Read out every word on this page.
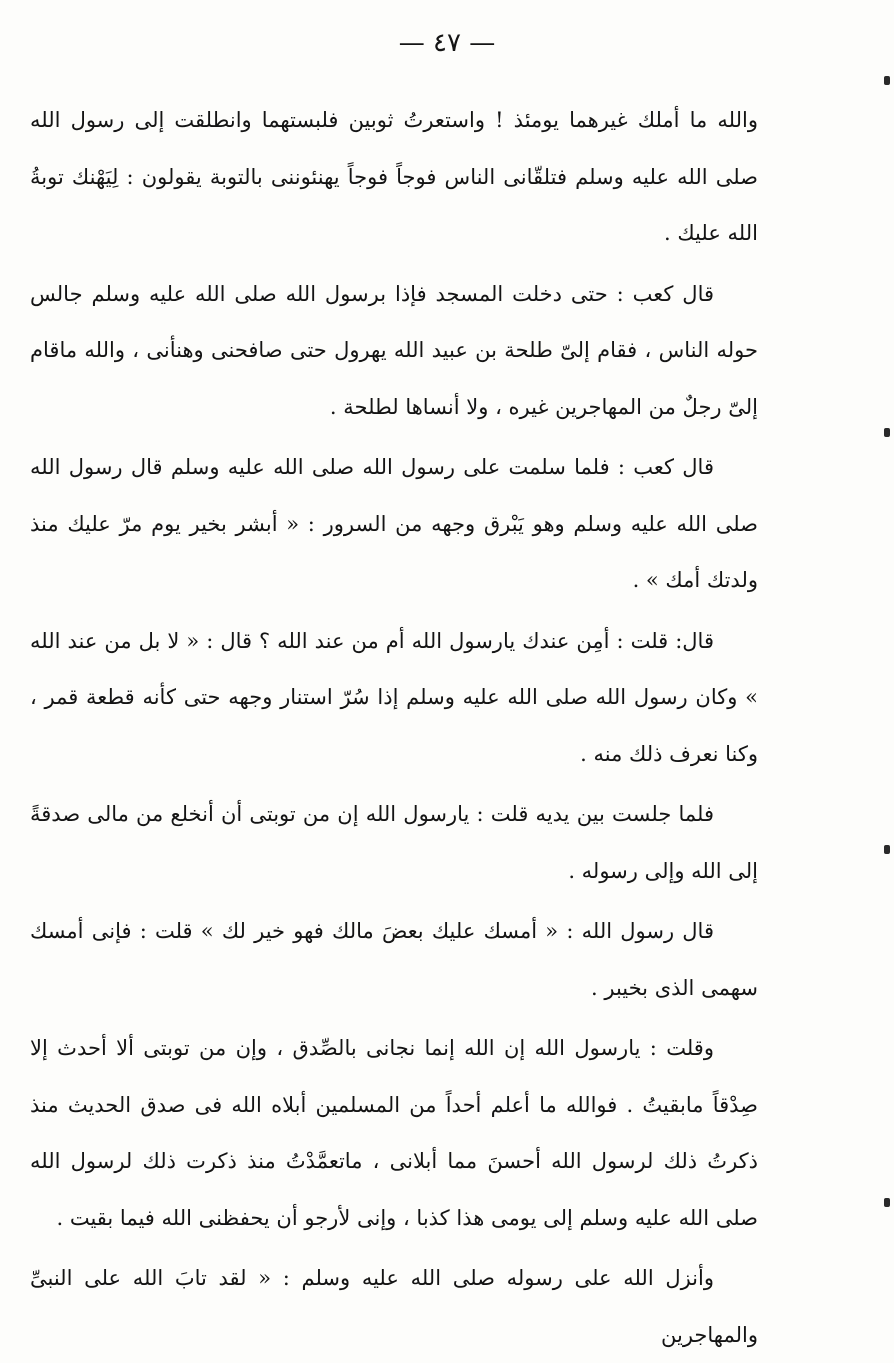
— ٤٧ —

والله ما أملك غيرهما يومئذ ! واستعرتُ ثوبين فلبستهما وانطلقت إلى رسول الله صلى الله عليه وسلم فتلقّانى الناس فوجاً فوجاً يهنئوننى بالتوبة يقولون : لِيَهْنك توبةُ الله عليك .

قال كعب : حتى دخلت المسجد فإذا برسول الله صلى الله عليه وسلم جالس حوله الناس ، فقام إلىّ طلحة بن عبيد الله يهرول حتى صافحنى وهنأنى ، والله ماقام إلىّ رجلٌ من المهاجرين غيره ، ولا أنساها لطلحة .

قال كعب : فلما سلمت على رسول الله صلى الله عليه وسلم قال رسول الله صلى الله عليه وسلم وهو يَبْرق وجهه من السرور : « أبشر بخير يوم مرّ عليك منذ ولدتك أمك » .

قال: قلت : أمِن عندك يارسول الله أم من عند الله ؟ قال : « لا بل من عند الله » وكان رسول الله صلى الله عليه وسلم إذا سُرّ استنار وجهه حتى كأنه قطعة قمر ، وكنا نعرف ذلك منه .

فلما جلست بين يديه قلت : يارسول الله إن من توبتى أن أنخلع من مالى صدقةً إلى الله وإلى رسوله .

قال رسول الله : « أمسك عليك بعضَ مالك فهو خير لك » قلت : فإنى أمسك سهمى الذى بخيبر .

وقلت : يارسول الله إن الله إنما نجانى بالصِّدق ، وإن من توبتى ألا أحدث إلا صِدْقاً مابقيتُ . فوالله ما أعلم أحداً من المسلمين أبلاه الله فى صدق الحديث منذ ذكرتُ ذلك لرسول الله أحسنَ مما أبلانى ، ماتعمَّدْتُ منذ ذكرت ذلك لرسول الله صلى الله عليه وسلم إلى يومى هذا كذبا ، وإنى لأرجو أن يحفظنى الله فيما بقيت .

وأنزل الله على رسوله صلى الله عليه وسلم : « لقد تابَ الله على النبىِّ والمهاجرين
